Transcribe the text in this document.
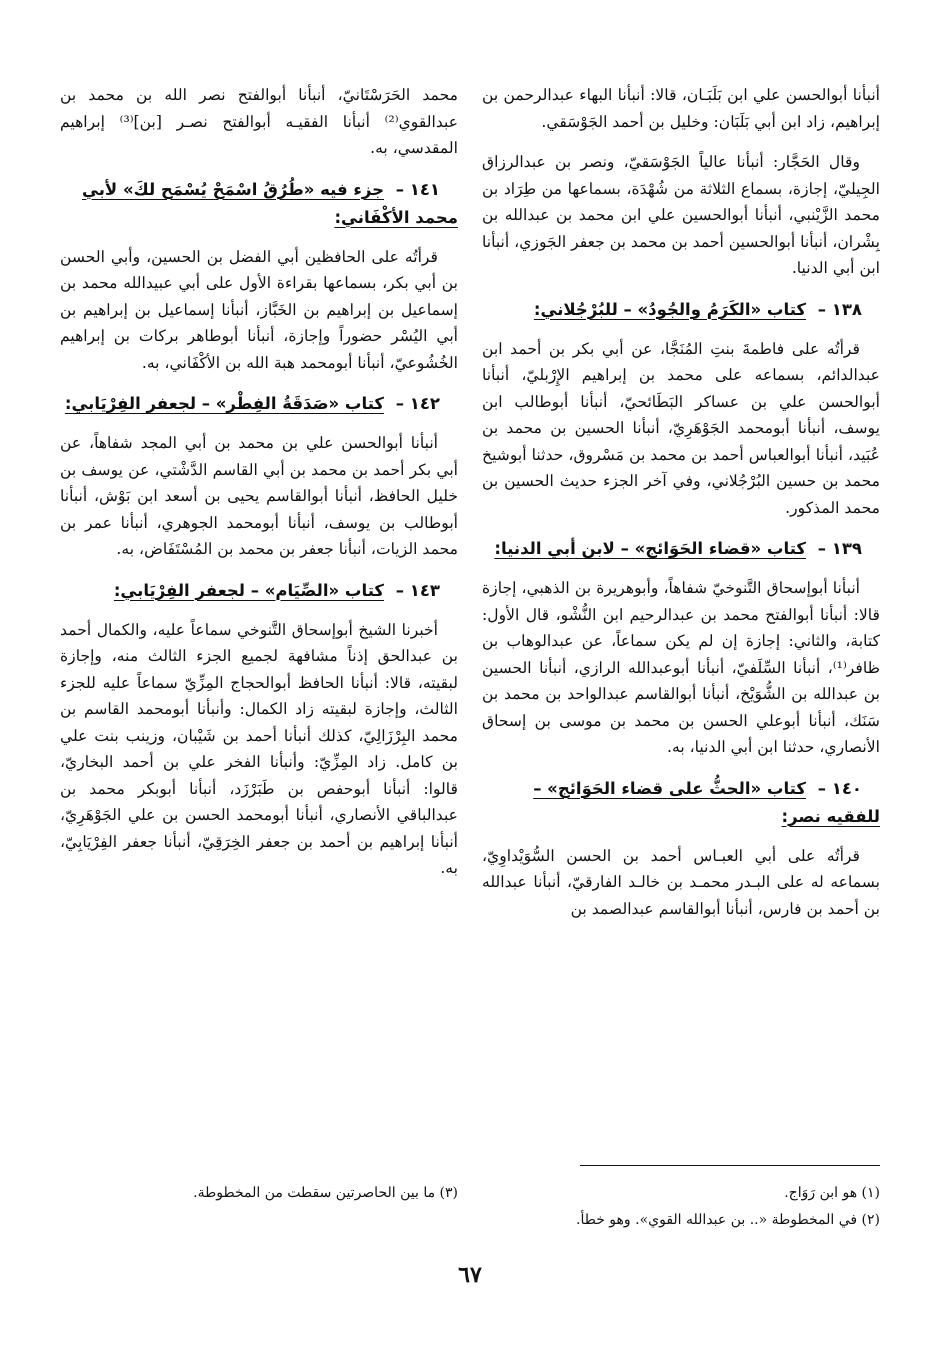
أنبأنا أبوالحسن علي ابن بَلَبَـان، قالا: أنبأنا البهاء عبدالرحمن بن إبراهيم، زاد ابن أبي بَلَبَان: وخليل بن أحمد الجَوْسَقي.

وقال الحَجَّار: أنبأنا عالياً الجَوْسَقيّ، ونصر بن عبدالرزاق الجِيليّ، إجازة، بسماع الثلاثة من شُهْدَة، بسماعها من طِرَاد بن محمد الزَّيْنبي، أنبأنا أبوالحسين علي ابن محمد بن عبدالله بن بِشْران، أنبأنا أبوالحسين أحمد بن محمد بن جعفر الجَوزي، أنبأنا ابن أبي الدنيا.

١٣٨ – كتاب «الكَرَمُ والجُودُ» – للبُرْجُلاني:

قرأتُه على فاطمةَ بنتِ المُنَجَّا، عن أبي بكر بن أحمد ابن عبدالدائم، بسماعه على محمد بن إبراهيم الإِرْبليّ، أنبأنا أبوالحسن علي بن عساكر البَطَائحيّ، أنبأنا أبوطالب ابن يوسف، أنبأنا أبومحمد الجَوْهَرِيّ، أنبأنا الحسين بن محمد بن عُبَيد، أنبأنا أبوالعباس أحمد بن محمد بن مَسْروق، حدثنا أبوشيخ محمد بن حسين البُرْجُلاني، وفي آخر الجزء حديث الحسين بن محمد المذكور.

١٣٩ – كتاب «قضاء الحَوَائج» – لابن أبي الدنيا:

أنبأنا أبوإسحاق التَّنوخيّ شفاهاً، وأبوهريرة بن الذهبي، إجازة قالا: أنبأنا أبوالفتح محمد بن عبدالرحيم ابن النُّشْو، قال الأول: كتابة، والثاني: إجازة إن لم يكن سماعاً، عن عبدالوهاب بن ظافر⁽¹⁾، أنبأنا السِّلَفيّ، أنبأنا أبوعبدالله الرازي، أنبأنا الحسين بن عبدالله بن الشُّوَيْخ، أنبأنا أبوالقاسم عبدالواحد بن محمد بن سَنَك، أنبأنا أبوعلي الحسن بن محمد بن موسى بن إسحاق الأنصاري، حدثنا ابن أبي الدنيا، به.

١٤٠ – كتاب «الحثُّ على قضاء الحَوَائج» – للفقيه نصر:

قرأتُه على أبي العبـاس أحمد بن الحسن السُّوَيْداوِيّ، بسماعه له على البـدر محمـد بن خالـد الفارقيّ، أنبأنا عبدالله بن أحمد بن فارس، أنبأنا أبوالقاسم عبدالصمد بن

محمد الحَرَسْتَانيّ، أنبأنا أبوالفتح نصر الله بن محمد بن عبدالقوي⁽²⁾ أنبأنا الفقيـه أبوالفتح نصـر [بن]⁽³⁾ إبراهيم المقدسي، به.

١٤١ – جزء فيه «طُرُقُ اسْمَحْ يُسْمَح لكَ» لأبي محمد الأكْفَاني:

قرأتُه على الحافظين أبي الفضل بن الحسين، وأبي الحسن بن أبي بكر، بسماعها بقراءة الأول على أبي عبيدالله محمد بن إسماعيل بن إبراهيم بن الخَبَّاز، أنبأنا إسماعيل بن إبراهيم بن أبي اليُسْر حضوراً وإجازة، أنبأنا أبوطاهر بركات بن إبراهيم الخُشُوعيّ، أنبأنا أبومحمد هبة الله بن الأكْفَاني، به.

١٤٢ – كتاب «صَدَقَةُ الفِطْر» – لجعفر الفِرْيَابي:

أنبأنا أبوالحسن علي بن محمد بن أبي المجد شفاهاً، عن أبي بكر أحمد بن محمد بن أبي القاسم الدَّشْتي، عن يوسف بن خليل الحافظ، أنبأنا أبوالقاسم يحيى بن أسعد ابن بَوْش، أنبأنا أبوطالب بن يوسف، أنبأنا أبومحمد الجوهري، أنبأنا عمر بن محمد الزيات، أنبأنا جعفر بن محمد بن المُسْتَفَاض، به.

١٤٣ – كتاب «الصِّيَام» – لجعفر الفِرْيَابي:

أخبرنا الشيخ أبوإسحاق التَّنوخي سماعاً عليه، والكمال أحمد بن عبدالحق إذناً مشافهة لجميع الجزء الثالث منه، وإجازة لبقيته، قالا: أنبأنا الحافظ أبوالحجاج المِزِّيّ سماعاً عليه للجزء الثالث، وإجازة لبقيته زاد الكمال: وأنبأنا أبومحمد القاسم بن محمد البِرْزَالِيّ، كذلك أنبأنا أحمد بن شَيْبان، وزينب بنت علي بن كامل. زاد المِزِّيّ: وأنبأنا الفخر علي بن أحمد البخاريّ، قالوا: أنبأنا أبوحفص بن طَبَرْزَد، أنبأنا أبوبكر محمد بن عبدالباقي الأنصاري، أنبأنا أبومحمد الحسن بن علي الجَوْهَرِيّ، أنبأنا إبراهيم بن أحمد بن جعفر الخِرَقِيّ، أنبأنا جعفر الفِرْيَابِيّ، به.

(١) هو ابن رَوَاج.
(٢) في المخطوطة «.. بن عبدالله القوي». وهو خطأ.
(٣) ما بين الحاصرتين سقطت من المخطوطة.
٦٧
